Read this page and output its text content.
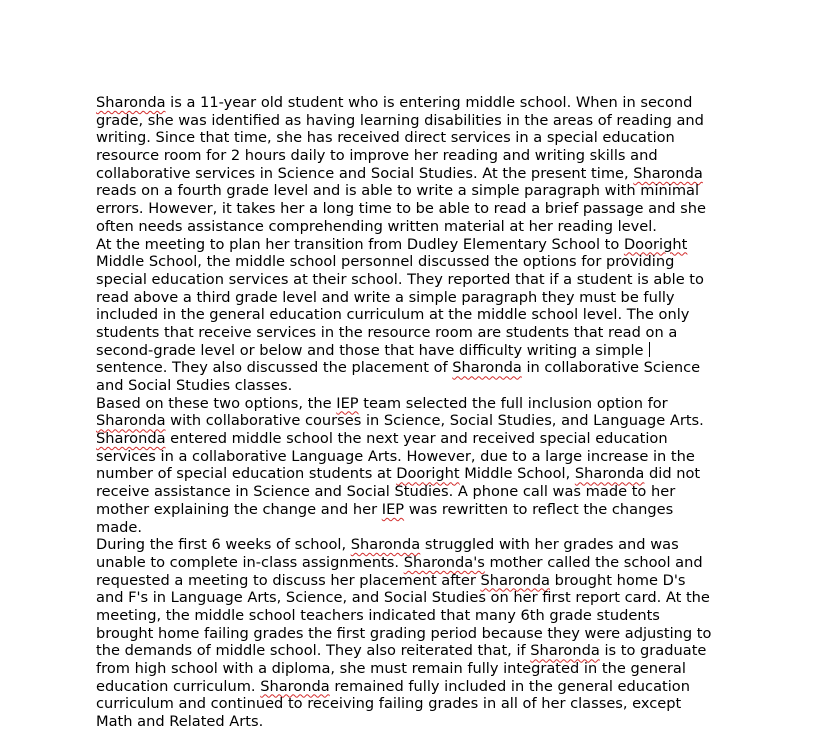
Sharonda is a 11-year old student who is entering middle school. When in second
grade, she was identified as having learning disabilities in the areas of reading and
writing. Since that time, she has received direct services in a special education
resource room for 2 hours daily to improve her reading and writing skills and
collaborative services in Science and Social Studies. At the present time, Sharonda
reads on a fourth grade level and is able to write a simple paragraph with minimal
errors. However, it takes her a long time to be able to read a brief passage and she
often needs assistance comprehending written material at her reading level.
At the meeting to plan her transition from Dudley Elementary School to Dooright
Middle School, the middle school personnel discussed the options for providing
special education services at their school. They reported that if a student is able to
read above a third grade level and write a simple paragraph they must be fully
included in the general education curriculum at the middle school level. The only
students that receive services in the resource room are students that read on a
second-grade level or below and those that have difficulty writing a simple
sentence. They also discussed the placement of Sharonda in collaborative Science
and Social Studies classes.
Based on these two options, the IEP team selected the full inclusion option for
Sharonda with collaborative courses in Science, Social Studies, and Language Arts.
Sharonda entered middle school the next year and received special education
services in a collaborative Language Arts. However, due to a large increase in the
number of special education students at Dooright Middle School, Sharonda did not
receive assistance in Science and Social Studies. A phone call was made to her
mother explaining the change and her IEP was rewritten to reflect the changes
made.
During the first 6 weeks of school, Sharonda struggled with her grades and was
unable to complete in-class assignments. Sharonda's mother called the school and
requested a meeting to discuss her placement after Sharonda brought home D's
and F's in Language Arts, Science, and Social Studies on her first report card. At the
meeting, the middle school teachers indicated that many 6th grade students
brought home failing grades the first grading period because they were adjusting to
the demands of middle school. They also reiterated that, if Sharonda is to graduate
from high school with a diploma, she must remain fully integrated in the general
education curriculum. Sharonda remained fully included in the general education
curriculum and continued to receiving failing grades in all of her classes, except
Math and Related Arts.
